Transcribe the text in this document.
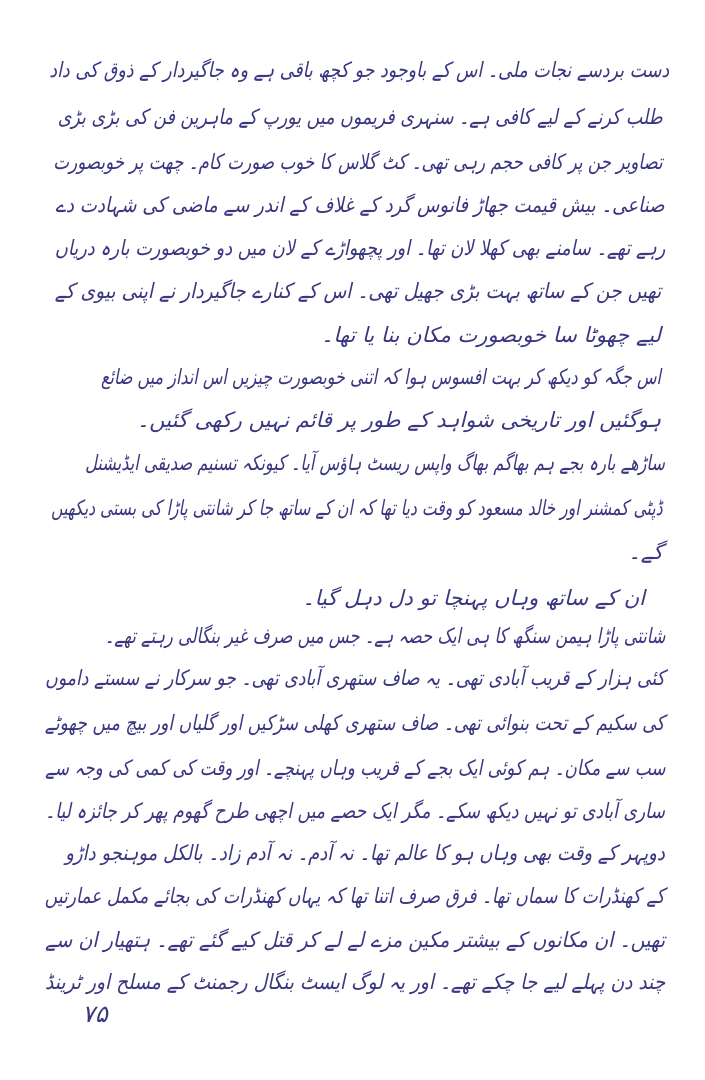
دست بردسے نجات ملی۔ اس کے باوجود جو کچھ باقی ہے وہ جاگیردار کے ذوق کی داد
طلب کرنے کے لیے کافی ہے۔ سنہری فریموں میں یورپ کے ماہرین فن کی بڑی بڑی
تصاویر جن پر کافی حجم رہی تھی۔ کٹ گلاس کا خوب صورت کام۔ چھت پر خوبصورت
صناعی۔ بیش قیمت جھاڑ فانوس گرد کے غلاف کے اندر سے ماضی کی شہادت دے
رہے تھے۔ سامنے بھی کھلا لان تھا۔ اور پچھواڑے کے لان میں دو خوبصورت بارہ دریاں
تھیں جن کے ساتھ بہت بڑی جھیل تھی۔ اس کے کنارے جاگیردار نے اپنی بیوی کے
لیے چھوٹا سا خوبصورت مکان بنا یا تھا۔
اس جگہ کو دیکھ کر بہت افسوس ہوا کہ اتنی خوبصورت چیزیں اس انداز میں ضائع
ہوگئیں اور تاریخی شواہد کے طور پر قائم نہیں رکھی گئیں۔
ساڑھے بارہ بجے ہم بھاگم بھاگ واپس ریسٹ ہاؤس آیا۔ کیونکہ تسنیم صدیقی ایڈیشنل
ڈپٹی کمشنر اور خالد مسعود کو وقت دیا تھا کہ ان کے ساتھ جا کر شانتی پاڑا کی بستی دیکھیں
گے۔
ان کے ساتھ وہاں پہنچا تو دل دہل گیا۔
شانتی پاڑا ہیمن سنگھ کا ہی ایک حصہ ہے۔ جس میں صرف غیر بنگالی رہتے تھے۔
کئی ہزار کے قریب آبادی تھی۔ یہ صاف ستھری آبادی تھی۔ جو سرکار نے سستے داموں
کی سکیم کے تحت بنوائی تھی۔ صاف ستھری کھلی سڑکیں اور گلیاں اور بیچ میں چھوٹے
سب سے مکان۔ ہم کوئی ایک بجے کے قریب وہاں پہنچے۔ اور وقت کی کمی کی وجہ سے
ساری آبادی تو نہیں دیکھ سکے۔ مگر ایک حصے میں اچھی طرح گھوم پھر کر جائزہ لیا۔
دوپہر کے وقت بھی وہاں ہو کا عالم تھا۔ نہ آدم۔ نہ آدم زاد۔ بالکل موہنجو داڑو
کے کھنڈرات کا سماں تھا۔ فرق صرف اتنا تھا کہ یہاں کھنڈرات کی بجائے مکمل عمارتیں
تھیں۔ ان مکانوں کے بیشتر مکین مزے لے لے کر قتل کیے گئے تھے۔ ہتھیار ان سے
چند دن پہلے لیے جا چکے تھے۔ اور یہ لوگ ایسٹ بنگال رجمنٹ کے مسلح اور ٹرینڈ
۷۵
